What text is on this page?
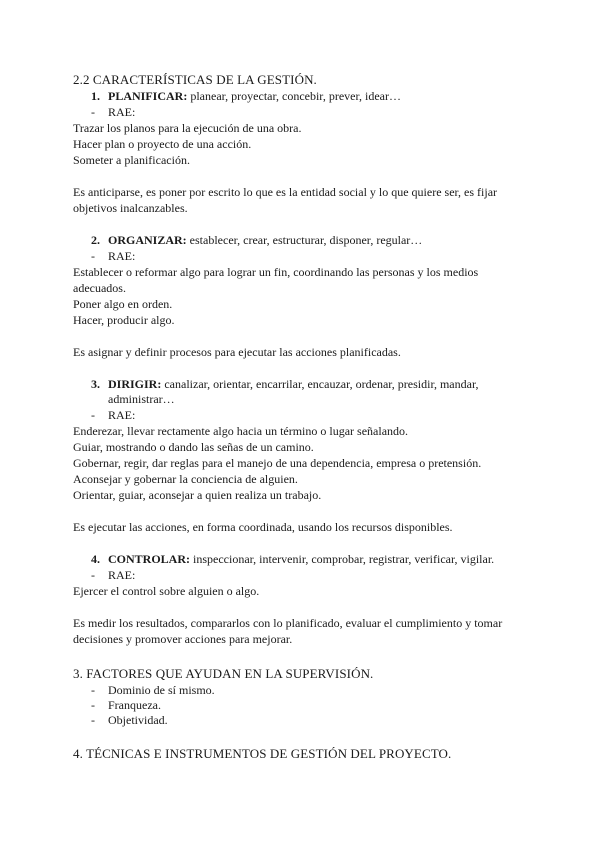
2.2 CARACTERÍSTICAS DE LA GESTIÓN.
1. PLANIFICAR: planear, proyectar, concebir, prever, idear…
- RAE:
Trazar los planos para la ejecución de una obra.
Hacer plan o proyecto de una acción.
Someter a planificación.
Es anticiparse, es poner por escrito lo que es la entidad social y lo que quiere ser, es fijar
objetivos inalcanzables.
2. ORGANIZAR: establecer, crear, estructurar, disponer, regular…
- RAE:
Establecer o reformar algo para lograr un fin, coordinando las personas y los medios
adecuados.
Poner algo en orden.
Hacer, producir algo.
Es asignar y definir procesos para ejecutar las acciones planificadas.
3. DIRIGIR: canalizar, orientar, encarrilar, encauzar, ordenar, presidir, mandar,
administrar…
- RAE:
Enderezar, llevar rectamente algo hacia un término o lugar señalando.
Guiar, mostrando o dando las señas de un camino.
Gobernar, regir, dar reglas para el manejo de una dependencia, empresa o pretensión.
Aconsejar y gobernar la conciencia de alguien.
Orientar, guiar, aconsejar a quien realiza un trabajo.
Es ejecutar las acciones, en forma coordinada, usando los recursos disponibles.
4. CONTROLAR: inspeccionar, intervenir, comprobar, registrar, verificar, vigilar.
- RAE:
Ejercer el control sobre alguien o algo.
Es medir los resultados, compararlos con lo planificado, evaluar el cumplimiento y tomar
decisiones y promover acciones para mejorar.
3. FACTORES QUE AYUDAN EN LA SUPERVISIÓN.
- Dominio de sí mismo.
- Franqueza.
- Objetividad.
4. TÉCNICAS E INSTRUMENTOS DE GESTIÓN DEL PROYECTO.
